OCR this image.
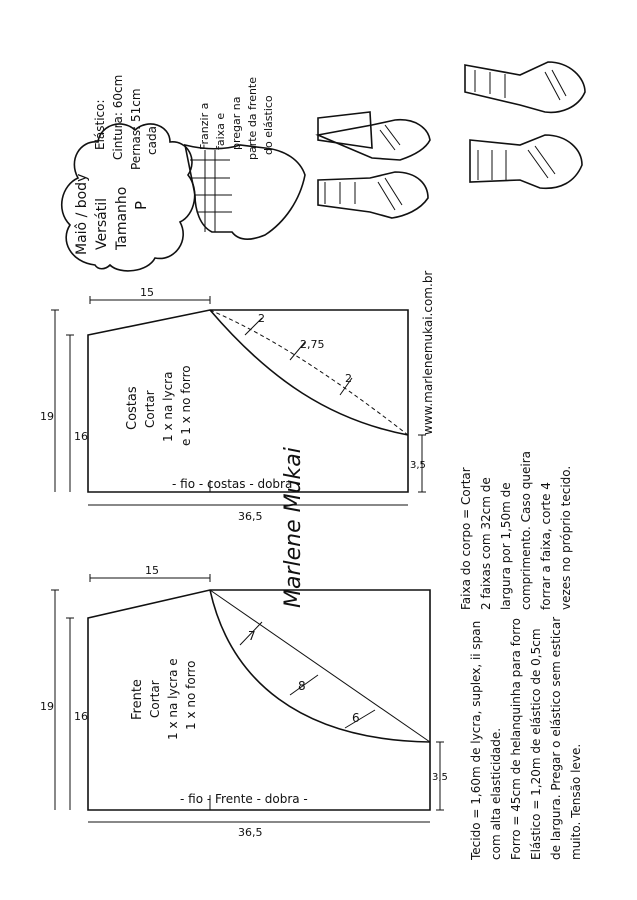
Maiô / body Versátil Tamanho P
Elástico: Cintura: 60cm Pernas: 51cm cada	Franzir a faixa e pregar na parte da frente do elástico
2
2,75
2
15
19
16
3,5
36,5
- fio - costas - dobra -
Costas Cortar 1 x na lycra e 1 x no forro
7
8
6
15
19
16
3,5
36,5
- fio - Frente - dobra -
Frente Cortar 1 x na lycra e 1 x no forro
www.marlenemukai.com.br
Marlene Mukai	Faixa do corpo = Cortar 2 faixas com 32cm de largura por 1,50m de comprimento. Caso queira forrar a faixa, corte 4 vezes no próprio tecido.
Tecido = 1,60m de lycra, suplex, ii span com alta elasticidade. Forro = 45cm de helanquinha para forro Elástico = 1,20m de elástico de 0,5cm de largura. Pregar o elástico sem esticar muito. Tensão leve.
